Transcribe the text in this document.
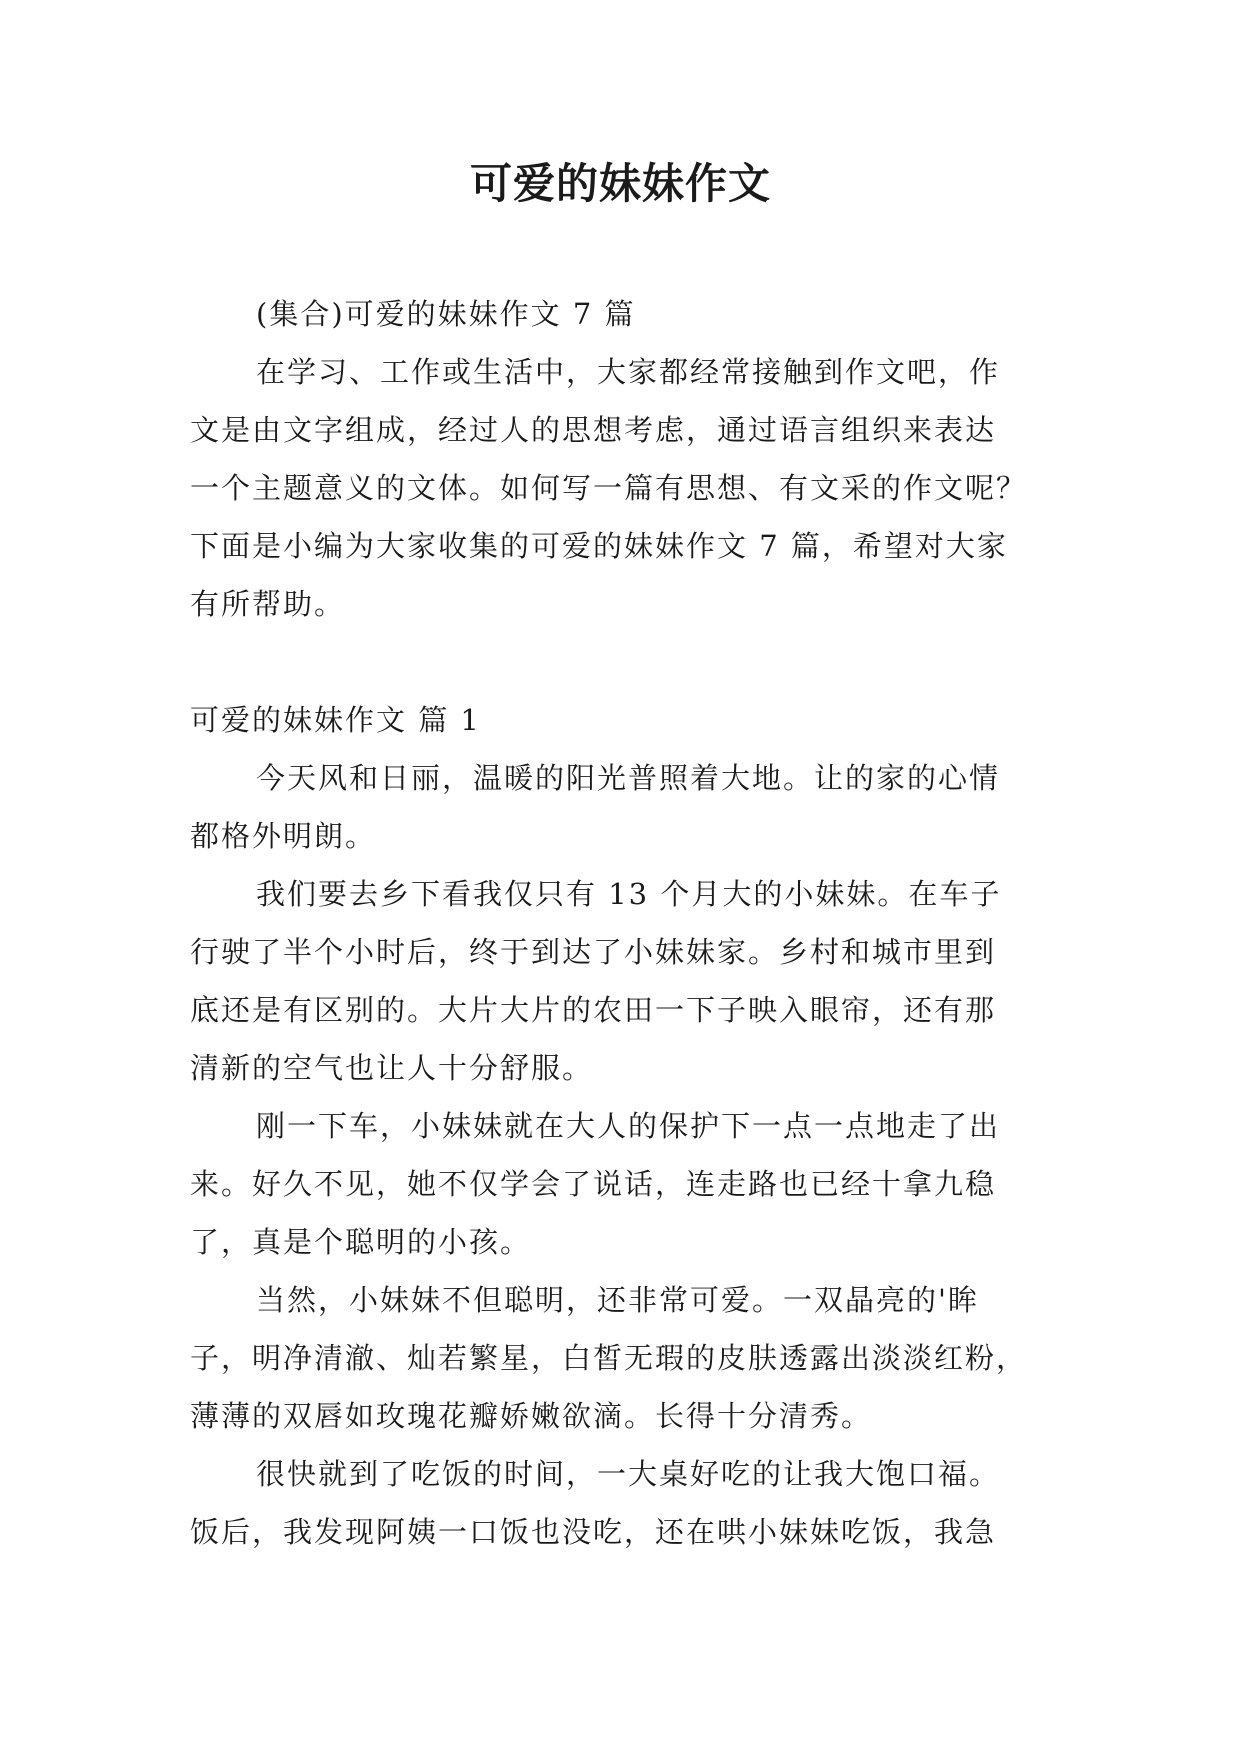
可爱的妹妹作文

(集合)可爱的妹妹作文 7 篇

在学习、工作或生活中，大家都经常接触到作文吧，作

文是由文字组成，经过人的思想考虑，通过语言组织来表达

一个主题意义的文体。如何写一篇有思想、有文采的作文呢？

下面是小编为大家收集的可爱的妹妹作文 7 篇，希望对大家

有所帮助。

可爱的妹妹作文 篇 1

今天风和日丽，温暖的阳光普照着大地。让的家的心情

都格外明朗。

我们要去乡下看我仅只有 13 个月大的小妹妹。在车子

行驶了半个小时后，终于到达了小妹妹家。乡村和城市里到

底还是有区别的。大片大片的农田一下子映入眼帘，还有那

清新的空气也让人十分舒服。

刚一下车，小妹妹就在大人的保护下一点一点地走了出

来。好久不见，她不仅学会了说话，连走路也已经十拿九稳

了，真是个聪明的小孩。

当然，小妹妹不但聪明，还非常可爱。一双晶亮的'眸

子，明净清澈、灿若繁星，白皙无瑕的皮肤透露出淡淡红粉，

薄薄的双唇如玫瑰花瓣娇嫩欲滴。长得十分清秀。

很快就到了吃饭的时间，一大桌好吃的让我大饱口福。

饭后，我发现阿姨一口饭也没吃，还在哄小妹妹吃饭，我急
